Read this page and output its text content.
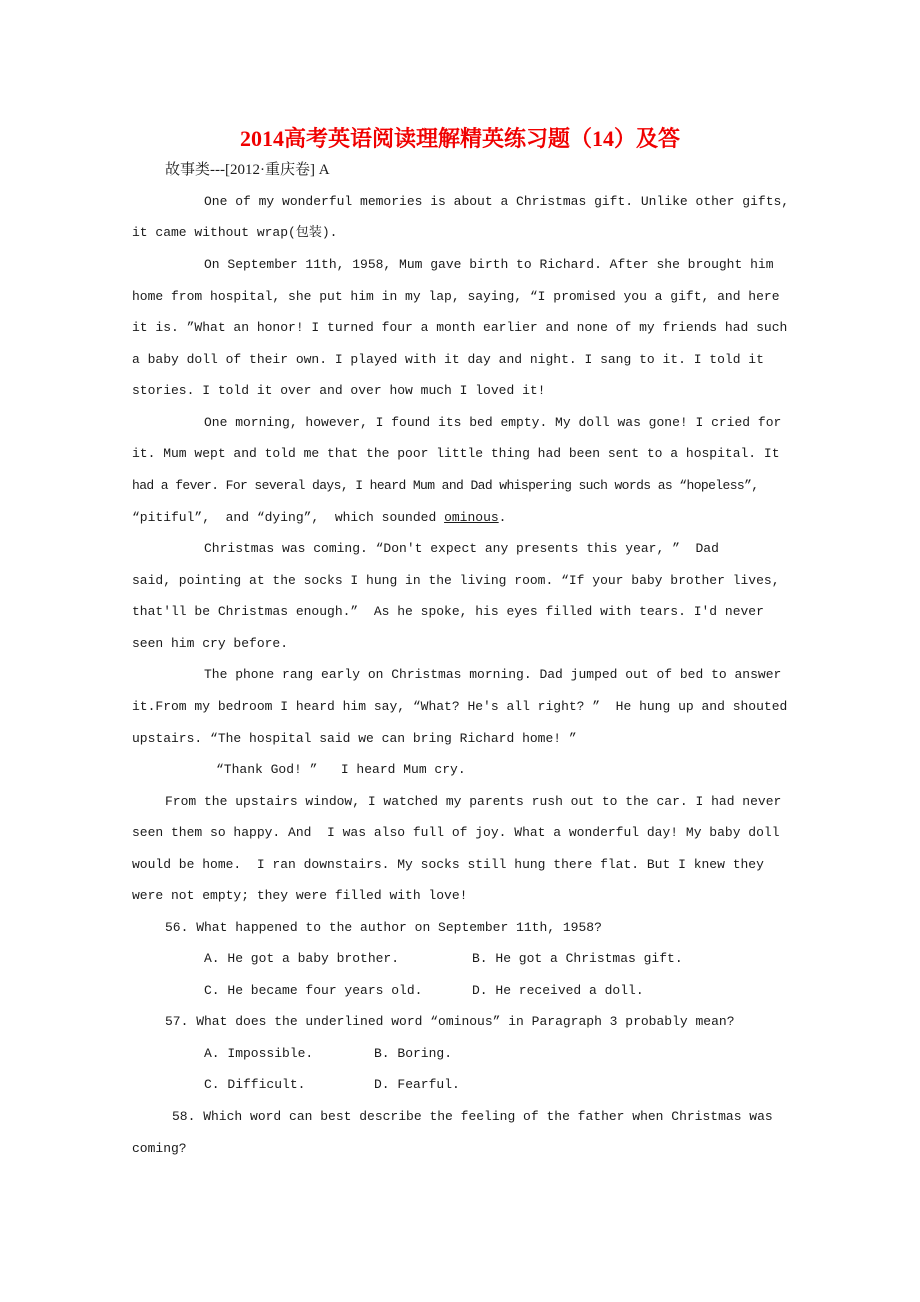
2014高考英语阅读理解精英练习题（14）及答
故事类---[2012·重庆卷] A
One of my wonderful memories is about a Christmas gift. Unlike other gifts,
it came without wrap(包装).
On September 11th, 1958, Mum gave birth to Richard. After she brought him
home from hospital, she put him in my lap, saying, “I promised you a gift, and here
it is. ”What an honor! I turned four a month earlier and none of my friends had such
a baby doll of their own. I played with it day and night. I sang to it. I told it
stories. I told it over and over how much I loved it!
One morning, however, I found its bed empty. My doll was gone! I cried for
it. Mum wept and told me that the poor little thing had been sent to a hospital. It
had a fever. For several days, I heard Mum and Dad whispering such words as “hopeless”,
“pitiful”,  and “dying”,  which sounded ominous.
Christmas was coming. “Don't expect any presents this year, ”  Dad
said, pointing at the socks I hung in the living room. “If your baby brother lives,
that'll be Christmas enough.”  As he spoke, his eyes filled with tears. I'd never
seen him cry before.
The phone rang early on Christmas morning. Dad jumped out of bed to answer
it.From my bedroom I heard him say, “What? He's all right? ”  He hung up and shouted
upstairs. “The hospital said we can bring Richard home! ”
“Thank God! ”   I heard Mum cry.
From the upstairs window, I watched my parents rush out to the car. I had never
seen them so happy. And  I was also full of joy. What a wonderful day! My baby doll
would be home.  I ran downstairs. My socks still hung there flat. But I knew they
were not empty; they were filled with love!
56. What happened to the author on September 11th, 1958?
A. He got a baby brother.	B. He got a Christmas gift.
C. He became four years old.	D. He received a doll.
57. What does the underlined word “ominous” in Paragraph 3 probably mean?
A. Impossible.	B. Boring.
C. Difficult.	D. Fearful.
58. Which word can best describe the feeling of the father when Christmas was
coming?
